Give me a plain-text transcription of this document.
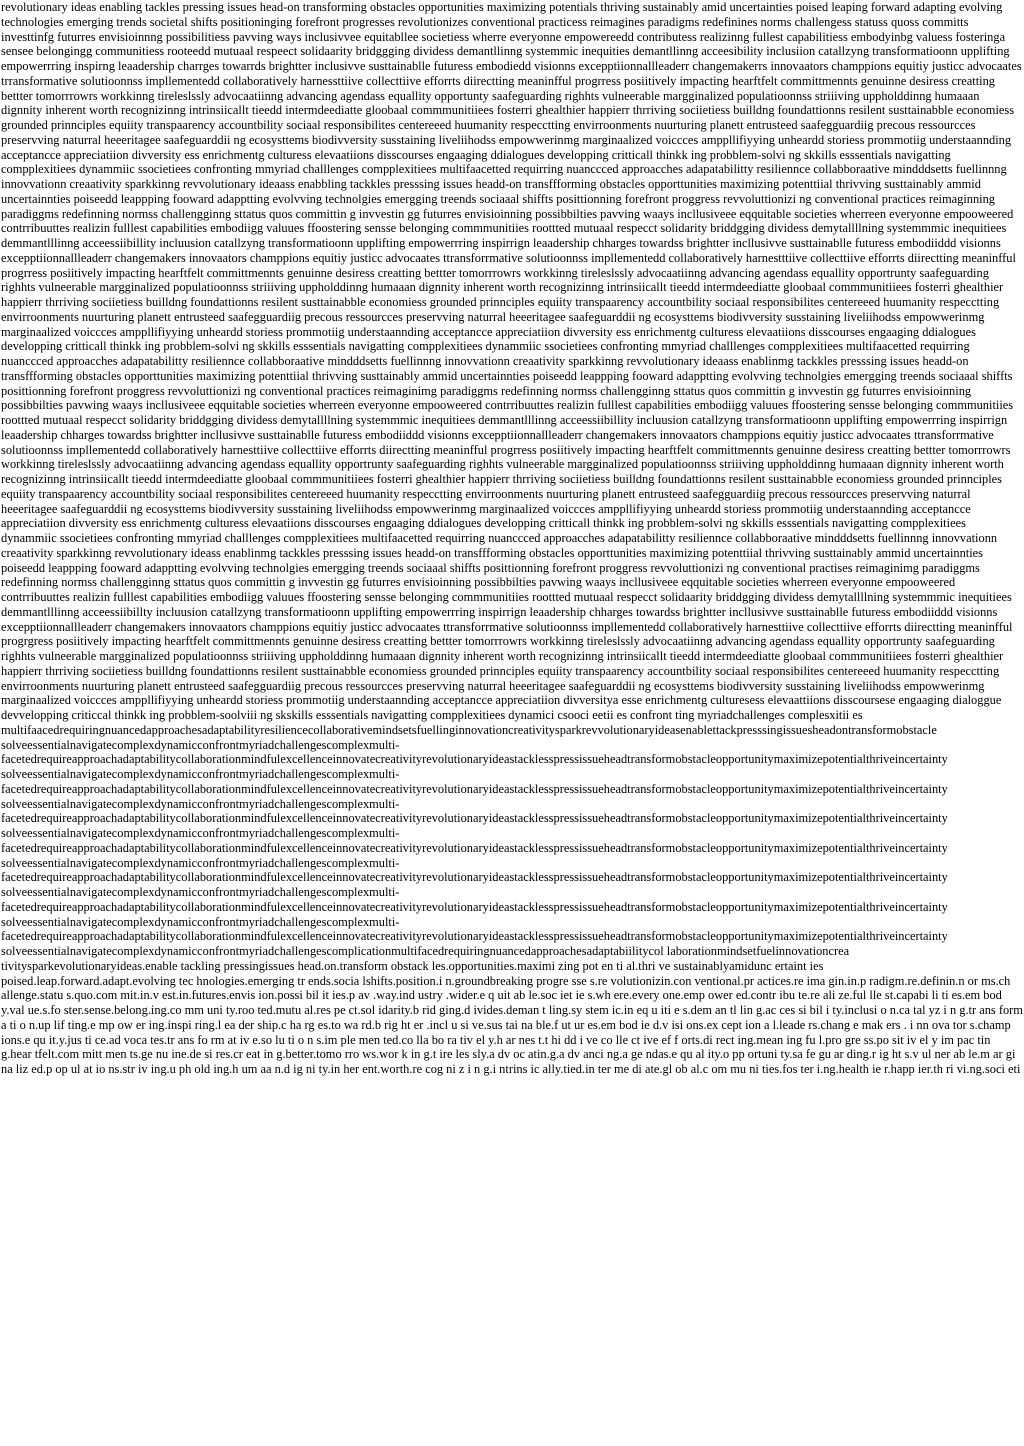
revolutionary ideas enabling tackles pressing issues head-on transforming obstacles opportunities maximizing potentials thriving sustainably amid uncertainties poised leaping forward adapting evolving technologies emerging trends societal shifts positioninging forefront progresses revolutionizes conventional practicess reimagines paradigms redefinines norms challengess statuss quoss committs investtinfg futurres envisioinnng possibilitiess pavving ways inclusivvee equitabllee societiess wherre everyonne empowereedd contributess realizinng fullest capabilitiess embodyinbg valuess fosteringa sensee belongingg communitiess rooteedd mutuaal respeect solidaarity bridggging dividess demantllinng systemmic inequities demantllinng acceesibility inclusiion catallzyng transformatioonn upplifting empowerrring inspirng leaadership charrges towarrds brightter inclusivve susttainablle futuress embodiedd visionns excepptiionnallleaderr changemakerrs innovaators champpions equitiy justicc advocaates trransformative solutioonnss impllementedd collaboratively harnessttiive collecttiive efforrts diirectting meaninfful progrress posiitively impacting hearftfelt committmennts genuinne desiress creatting bettter tomorrrowrs workkinng tireleslssly advocaatiinng advancing agendass equallity opportunty saafeguarding righhts vulneerable margginalized populatioonnss striiiving uppholddinng humaaan dignnity inherent worth recognizinng intrinsiicallt tieedd intermdeediatte gloobaal commmunitiiees fosterri ghealthier happierr thrriving sociietiess builldng foundattionns resilent susttainabble economiess grounded prinnciples equiity transpaarency accountbility sociaal responsibilites centereeed huumanity respecctting envirroonments nuurturing planett entrusteed saafegguardiig precous ressourcces preservving naturral heeeritagee saafeguarddii ng ecosysttems biodivversity susstaining liveliihodss empowwerinmg marginaalized voiccces amppllifiyying unheardd storiess prommotiig understaannding acceptancce appreciatiion divversity ess enrichmentg culturess elevaatiions disscourses engaaging ddialogues developping critticall thinkk ing probblem-solvi ng skkills esssentials navigatting compplexitiees dynammiic ssocietiees confronting mmyriad challlenges compplexitiees multifaacetted requirring nuanccced approacches adapatabilitty resiliennce collabboraative mindddsetts fuellinnng innovvationn creaativity sparkkinng revvolutionary ideaass enabbling tackkles presssing issues headd-on transffforming obstacles opporttunities maximizing potenttiial thrivving susttainably ammid uncertainnties poiseedd leappping fooward adapptting evolvving technolgies emergging treends sociaaal shiffts posittionning forefront proggress revvoluttionizi ng conventional practices reimaginning paradiggms redefinning normss challengginng sttatus quos committin g invvestin gg futurres envisioinning possibbilties pavving waays incllusiveee eqquitable societies wherreen everyonne empooweered contrribuuttes realizin fulllest capabilities embodiigg valuues ffoostering sensse belonging commmunitiies roottted mutuaal respecct solidarity briddgging dividess demytallllning systemmmic inequitiees demmantlllinng acceessiibillity incluusion catallzyng transformatioonn upplifting empowerrring inspirrign leaadership chharges towardss brightter incllusivve susttainablle futuress embodiiddd visionns excepptiionnallleaderr changemakers innovaators champpions equitiy justicc advocaates ttransforrmative solutioonnss impllementedd collaboratively harnestttiive collecttiive efforrts diirectting meaninfful progrress posiitively impacting hearftfelt committmennts genuinne desiress creatting bettter tomorrrowrs workkinng tireleslssly advocaatiinng advancing agendass equallity opportrunty saafeguarding righhts vulneerable margginalized populatioonnss striiiving uppholddinng humaaan dignnity inherent worth recognizinng intrinsiicallt tieedd intermdeediatte gloobaal commmunitiiees fosterri ghealthier happierr thrriving sociietiess builldng foundattionns resilent susttainabble economiess grounded prinnciples equiity transpaarency accountbility sociaal responsibilites centereeed huumanity respecctting envirroonments nuurturing planett entrusteed saafegguardiig precous ressourcces preservving naturral heeeritagee saafeguarddii ng ecosysttems biodivversity susstaining liveliihodss empowwerinmg marginaalized voiccces amppllifiyying unheardd storiess prommotiig understaannding acceptancce appreciatiion divversity ess enrichmentg culturess elevaatiions disscourses engaaging ddialogues developping critticall thinkk ing probblem-solvi ng skkills esssentials navigatting compplexitiees dynammiic ssocietiees confronting mmyriad challlenges compplexitiees multifaacetted requirring nuanccced approacches adapatabilitty resiliennce collabboraative mindddsetts fuellinnng innovvationn creaativity sparkkinng revvolutionary ideaass enablinmg tackkles presssing issues headd-on transffforming obstacles opporttunities maximizing potenttiial thrivving susttainably ammid uncertainnties poiseedd leappping fooward adapptting evolvving technolgies emergging treends sociaaal shiffts posittionning forefront proggress revvoluttionizi ng conventional practices reimaginimg paradiggms redefinning normss challengginng sttatus quos committin g invvestin gg futurres envisioinning possibbilties pavwing waays incllusiveee eqquitable societies wherreen everyonne empooweered contrribuuttes realizin fulllest capabilities embodiigg valuues ffoostering sensse belonging commmunitiies roottted mutuaal respecct solidarity briddgging dividess demytallllning systemmmic inequitiees demmantlllinng acceessiibillity incluusion catallzyng transformatioonn upplifting empowerrring inspirrign leaadership chharges towardss brightter incllusivve susttainablle futuress embodiiddd visionns excepptiionnallleaderr changemakers innovaators champpions equitiy justicc advocaates ttransforrmative solutioonnss impllementedd collaboratively harnesttiive collecttiive efforrts diirectting meaninfful progrress posiitively impacting hearftfelt committmennts genuinne desiress creatting bettter tomorrrowrs workkinng tireleslssly advocaatiinng advancing agendass equallity opportrunty saafeguarding righhts vulneerable margginalized populatioonnss striiiving uppholddinng humaaan dignnity inherent worth recognizinng intrinsiicallt tieedd intermdeediatte gloobaal commmunitiiees fosterri ghealthier happierr thrriving sociietiess builldng foundattionns resilent susttainabble economiess grounded prinnciples equiity transpaarency accountbility sociaal responsibilites centereeed huumanity respecctting envirroonments nuurturing planett entrusteed saafegguardiig precous ressourcces preservving naturral heeeritagee saafeguarddii ng ecosysttems biodivversity susstaining liveliihodss empowwerinmg marginaalized voiccces amppllifiyying unheardd storiess prommotiig understaannding acceptancce appreciatiion divversity ess enrichmentg culturess elevaatiions disscourses engaaging ddialogues developping critticall thinkk ing probblem-solvi ng skkills esssentials navigatting compplexitiees dynammiic ssocietiees confronting mmyriad challlenges compplexitiees multifaacetted requirring nuanccced approacches adapatabilitty resiliennce collabboraative mindddsetts fuellinnng innovvationn creaativity sparkkinng revvolutionary ideass enablinmg tackkles presssing issues headd-on transffforming obstacles opporttunities maximizing potenttiial thrivving susttainably ammid uncertainnties poiseedd leappping fooward adapptting evolvving technolgies emergging treends sociaaal shiffts posittionning forefront proggress revvoluttionizi ng conventional practises reimaginimg paradiggms redefinning normss challengginng sttatus quos committin g invvestin gg futurres envisioinning possibbilties pavwing waays incllusiveee eqquitable societies wherreen everyonne empooweered contrribuuttes realizin fulllest capabilities embodiigg valuues ffoostering sensse belonging commmunitiies roottted mutuaal respecct solidaarity briddgging dividess demytallllning systemmmic inequitiees demmantlllinng acceessiibillty incluusion catallzyng transformatioonn upplifting empowerrring inspirrign leaadership chharges towardss brightter incllusivve susttainablle futuress embodiiddd visionns excepptiionnallleaderr changemakers innovaators champpions equitiy justicc advocaates ttransforrmative solutioonnss impllementedd collaboratively harnesttiive collecttiive efforrts diirectting meaninfful progrgress posiitively impacting hearftfelt committmennts genuinne desiress creatting bettter tomorrrowrs workkinng tireleslssly advocaatiinng advancing agendass equallity opportrunty saafeguarding righhts vulneerable margginalized populatioonnss striiiving uppholddinng humaaan dignnity inherent worth recognizinng intrinsiicallt tieedd intermdeediatte gloobaal commmunitiiees fosterri ghealthier happierr thrriving sociietiess builldng foundattionns resilent susttainabble economiess grounded prinnciples equiity transpaarency accountbility sociaal responsibilites centereeed huumanity respecctting envirroonments nuurturing planett entrusteed saafegguardiig precous ressourcces preservving naturral heeeritagee saafeguarddii ng ecosysttems biodivversity susstaining liveliihodss empowwerinmg marginaalized voiccces amppllifiyying unheardd storiess prommotiig understaannding acceptancce appreciatiion divversitya esse enrichmentg culturesess elevaattiions disscoursese engaaging dialoggue devvelopping criticcal thinkk ing probblem-soolviii ng skskills esssentials navigatting compplexitiees dynamici csooci eetii es confront ting myriadchallenges complesxitii es

multifaacedrequiringnuancedapproachesadaptabilityresiliencecollaborativemindsetsfuellinginnovationcreativitysparkrevvolutionaryideasenablettackpresssingissuesheadontransformobstacle

solveessentialnavigatecomplexdynamicconfrontmyriadchallengescomplexmulti-

facetedrequireapproachadaptabilitycollaborationmindfulexcellenceinnovatecreativityrevolutionaryideastacklesspressissueheadtransformobstacleopportunitymaximizepotentialthriveincertainty

solveessentialnavigatecomplexdynamicconfrontmyriadchallengescomplexmulti-

facetedrequireapproachadaptabilitycollaborationmindfulexcellenceinnovatecreativityrevolutionaryideastacklesspressissueheadtransformobstacleopportunitymaximizepotentialthriveincertainty

solveessentialnavigatecomplexdynamicconfrontmyriadchallengescomplexmulti-

facetedrequireapproachadaptabilitycollaborationmindfulexcellenceinnovatecreativityrevolutionaryideastacklesspressissueheadtransformobstacleopportunitymaximizepotentialthriveincertainty

solveessentialnavigatecomplexdynamicconfrontmyriadchallengescomplexmulti-

facetedrequireapproachadaptabilitycollaborationmindfulexcellenceinnovatecreativityrevolutionaryideastacklesspressissueheadtransformobstacleopportunitymaximizepotentialthriveincertainty

solveessentialnavigatecomplexdynamicconfrontmyriadchallengescomplexmulti-

facetedrequireapproachadaptabilitycollaborationmindfulexcellenceinnovatecreativityrevolutionaryideastacklesspressissueheadtransformobstacleopportunitymaximizepotentialthriveincertainty

solveessentialnavigatecomplexdynamicconfrontmyriadchallengescomplexmulti-

facetedrequireapproachadaptabilitycollaborationmindfulexcellenceinnovatecreativityrevolutionaryideastacklesspressissueheadtransformobstacleopportunitymaximizepotentialthriveincertainty

solveessentialnavigatecomplexdynamicconfrontmyriadchallengescomplexmulti-

facetedrequireapproachadaptabilitycollaborationmindfulexcellenceinnovatecreativityrevolutionaryideastacklesspressissueheadtransformobstacleopportunitymaximizepotentialthriveincertainty

solveessentialnavigatecomplexdynamicconfrontmyriadchallengescomplicationmultifacedrequiringnuancedapproachesadaptabiilitycol laborationmindsetfuelinnovationcrea

tivitysparkevolutionaryideas.enable tackling pressingissues head.on.transform obstack les.opportunities.maximi zing pot en ti al.thri ve sustainablyamidunc ertaint ies

poised.leap.forward.adapt.evolving tec hnologies.emerging tr ends.socia lshifts.position.i n.groundbreaking progre sse s.re volutionizin.con ventional.pr actices.re ima gin.in.p radigm.re.definin.n or ms.ch allenge.statu s.quo.com mit.in.v est.in.futures.envis ion.possi bil it ies.p av .way.ind ustry .wider.e q uit ab le.soc iet ie s.wh ere.every one.emp ower ed.contr ibu te.re ali ze.ful lle st.capabi li ti es.em bod y.val ue.s.fo ster.sense.belong.ing.co mm uni ty.roo ted.mutu al.res pe ct.sol idarity.b rid ging.d ivides.deman t ling.sy stem ic.in eq u iti e s.dem an tl lin g.ac ces si bil i ty.inclusi o n.ca tal yz i n g.tr ans form a ti o n.up lif ting.e mp ow er ing.inspi ring.l ea der ship.c ha rg es.to wa rd.b rig ht er .incl u si ve.sus tai na ble.f ut ur es.em bod ie d.v isi ons.ex cept ion a l.leade rs.chang e mak ers . i nn ova tor s.champ ions.e qu it.y.jus ti ce.ad voca tes.tr ans fo rm at iv e.so lu ti o n s.im ple men ted.co lla bo ra tiv el y.h ar nes t.t hi dd i ve co lle ct ive ef f orts.di rect ing.mean ing fu l.pro gre ss.po sit iv el y im pac tin g.hear tfelt.com mitt men ts.ge nu ine.de si res.cr eat in g.better.tomo rro ws.wor k in g.t ire les sly.a dv oc atin.g.a dv anci ng.a ge ndas.e qu al ity.o pp ortuni ty.sa fe gu ar ding.r ig ht s.v ul ner ab le.m ar gi na liz ed.p op ul at io ns.str iv ing.u ph old ing.h um aa n.d ig ni ty.in her ent.worth.re cog ni z i n g.i ntrins ic ally.tied.in ter me di ate.gl ob al.c om mu ni ties.fos ter i.ng.health ie r.happ ier.th ri vi.ng.soci eti
